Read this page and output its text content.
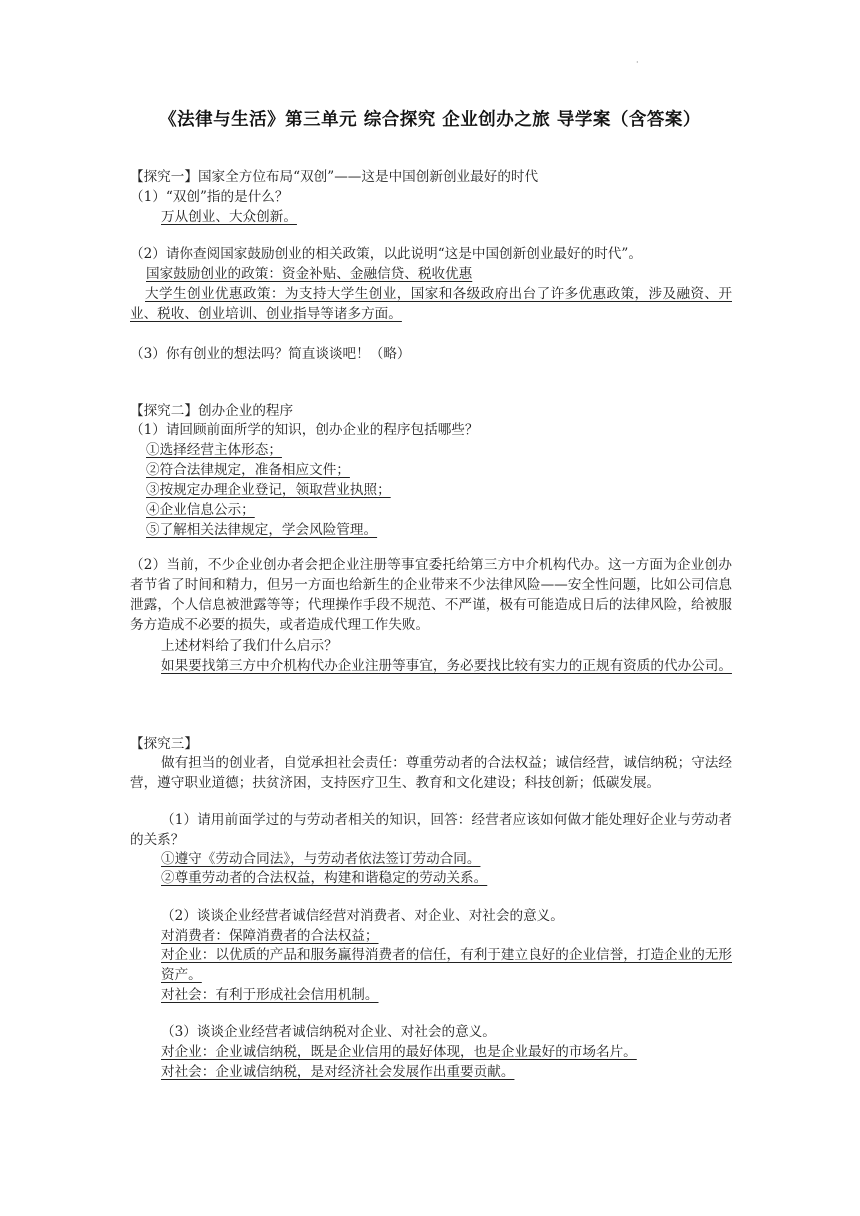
·
《法律与生活》第三单元 综合探究 企业创办之旅 导学案（含答案）
【探究一】国家全方位布局“双创”——这是中国创新创业最好的时代
（1）“双创”指的是什么？
万从创业、大众创新。
（2）请你查阅国家鼓励创业的相关政策，以此说明“这是中国创新创业最好的时代”。
国家鼓励创业的政策：资金补贴、金融信贷、税收优惠
大学生创业优惠政策：为支持大学生创业，国家和各级政府出台了许多优惠政策，涉及融资、开业、税收、创业培训、创业指导等诸多方面。
（3）你有创业的想法吗？简直谈谈吧！（略）
【探究二】创办企业的程序
（1）请回顾前面所学的知识，创办企业的程序包括哪些？
①选择经营主体形态；
②符合法律规定，准备相应文件；
③按规定办理企业登记，领取营业执照；
④企业信息公示；
⑤了解相关法律规定，学会风险管理。
（2）当前，不少企业创办者会把企业注册等事宜委托给第三方中介机构代办。这一方面为企业创办者节省了时间和精力，但另一方面也给新生的企业带来不少法律风险——安全性问题，比如公司信息泄露，个人信息被泄露等等；代理操作手段不规范、不严谨，极有可能造成日后的法律风险，给被服务方造成不必要的损失，或者造成代理工作失败。
上述材料给了我们什么启示？
如果要找第三方中介机构代办企业注册等事宜，务必要找比较有实力的正规有资质的代办公司。
【探究三】
做有担当的创业者，自觉承担社会责任：尊重劳动者的合法权益；诚信经营，诚信纳税；守法经营，遵守职业道德；扶贫济困，支持医疗卫生、教育和文化建设；科技创新；低碳发展。
（1）请用前面学过的与劳动者相关的知识，回答：经营者应该如何做才能处理好企业与劳动者的关系？
①遵守《劳动合同法》，与劳动者依法签订劳动合同。
②尊重劳动者的合法权益，构建和谐稳定的劳动关系。
（2）谈谈企业经营者诚信经营对消费者、对企业、对社会的意义。
对消费者：保障消费者的合法权益；
对企业：以优质的产品和服务赢得消费者的信任，有利于建立良好的企业信誉，打造企业的无形资产。
对社会：有利于形成社会信用机制。
（3）谈谈企业经营者诚信纳税对企业、对社会的意义。
对企业：企业诚信纳税，既是企业信用的最好体现，也是企业最好的市场名片。
对社会：企业诚信纳税，是对经济社会发展作出重要贡献。
